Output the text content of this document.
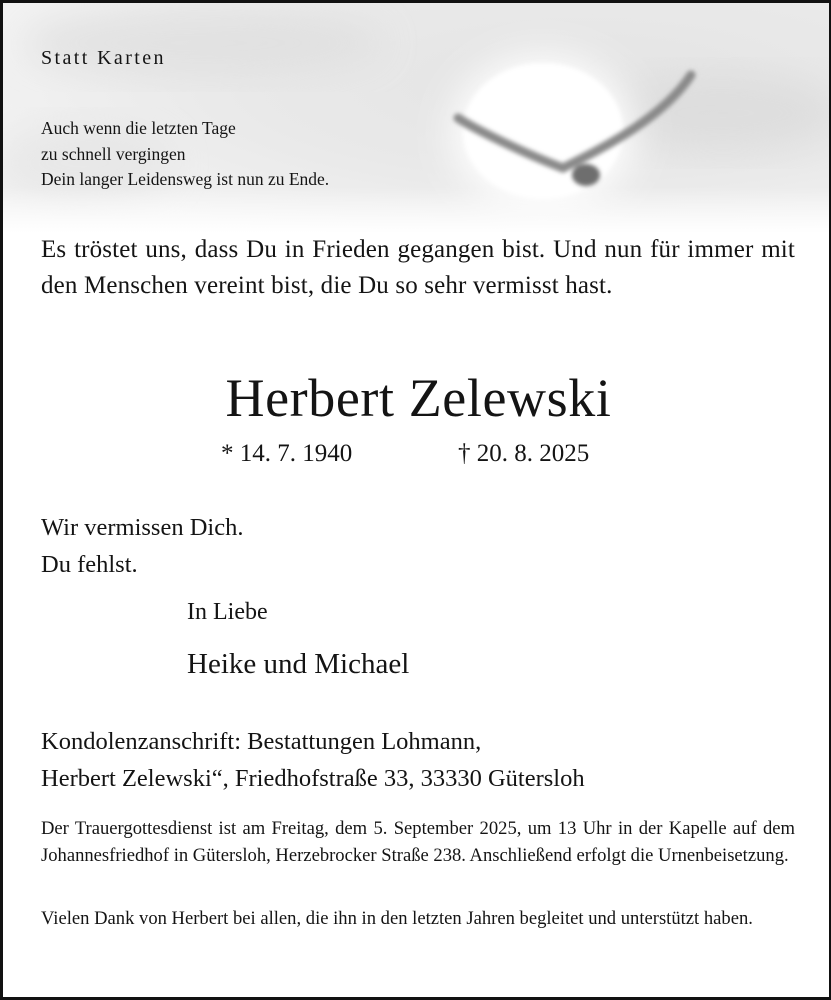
Statt Karten
Auch wenn die letzten Tage
zu schnell vergingen
Dein langer Leidensweg ist nun zu Ende.
Es tröstet uns, dass Du in Frieden gegangen bist. Und nun für immer mit den Menschen vereint bist, die Du so sehr vermisst hast.
Herbert Zelewski
* 14. 7. 1940	† 20. 8. 2025
Wir vermissen Dich.
Du fehlst.
In Liebe
Heike und Michael
Kondolenzanschrift: Bestattungen Lohmann,
Herbert Zelewski“, Friedhofstraße 33, 33330 Gütersloh
Der Trauergottesdienst ist am Freitag, dem 5. September 2025, um 13 Uhr in der Kapelle auf dem Johannesfriedhof in Gütersloh, Herzebrocker Straße 238. Anschließend erfolgt die Urnenbeisetzung.
Vielen Dank von Herbert bei allen, die ihn in den letzten Jahren begleitet und unterstützt haben.
